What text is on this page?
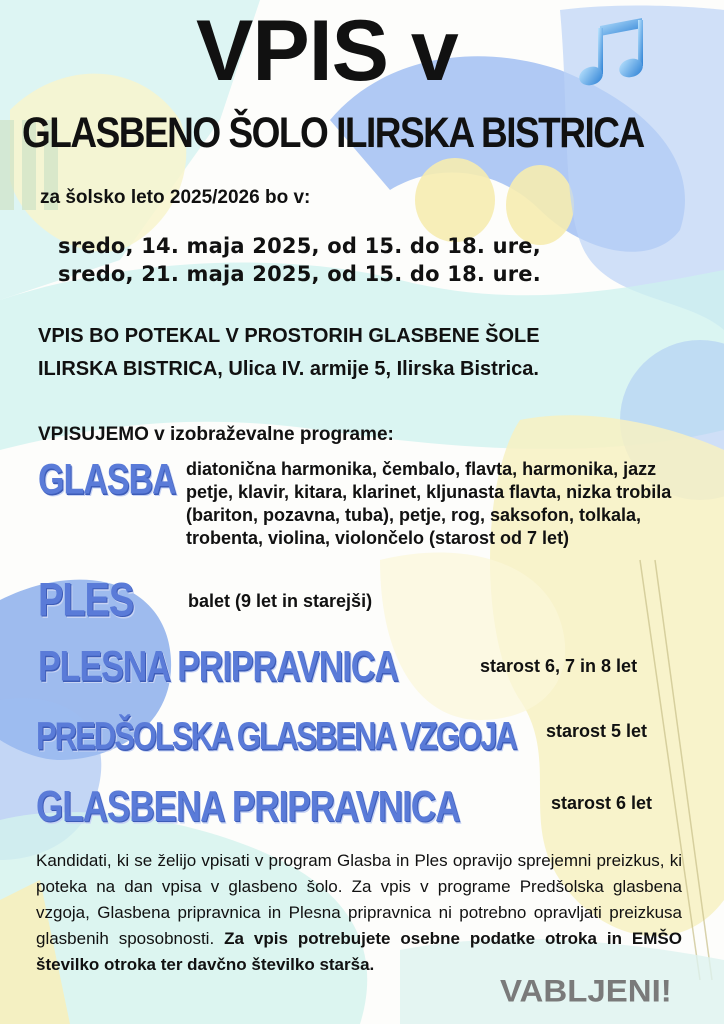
VPIS v
GLASBENO ŠOLO ILIRSKA BISTRICA
za šolsko leto 2025/2026 bo v:
sredo, 14. maja 2025, od 15. do 18. ure,
sredo, 21. maja 2025, od 15. do 18. ure.
VPIS BO POTEKAL V PROSTORIH GLASBENE ŠOLE
ILIRSKA BISTRICA, Ulica IV. armije 5, Ilirska Bistrica.
VPISUJEMO v izobraževalne programe:
GLASBA diatonična harmonika, čembalo, flavta, harmonika, jazz petje, klavir, kitara, klarinet, kljunasta flavta, nizka trobila (bariton, pozavna, tuba), petje, rog, saksofon, tolkala, trobenta, violina, violončelo (starost od 7 let)
PLES	balet (9 let in starejši)
PLESNA PRIPRAVNICA	starost 6, 7 in 8 let
PREDŠOLSKA GLASBENA VZGOJA starost 5 let
GLASBENA PRIPRAVNICA	starost 6 let
Kandidati, ki se želijo vpisati v program Glasba in Ples opravijo sprejemni preizkus, ki poteka na dan vpisa v glasbeno šolo. Za vpis v programe Predšolska glasbena vzgoja, Glasbena pripravnica in Plesna pripravnica ni potrebno opravljati preizkusa glasbenih sposobnosti. Za vpis potrebujete osebne podatke otroka in EMŠO številko otroka ter davčno številko starša.
VABLJENI!
